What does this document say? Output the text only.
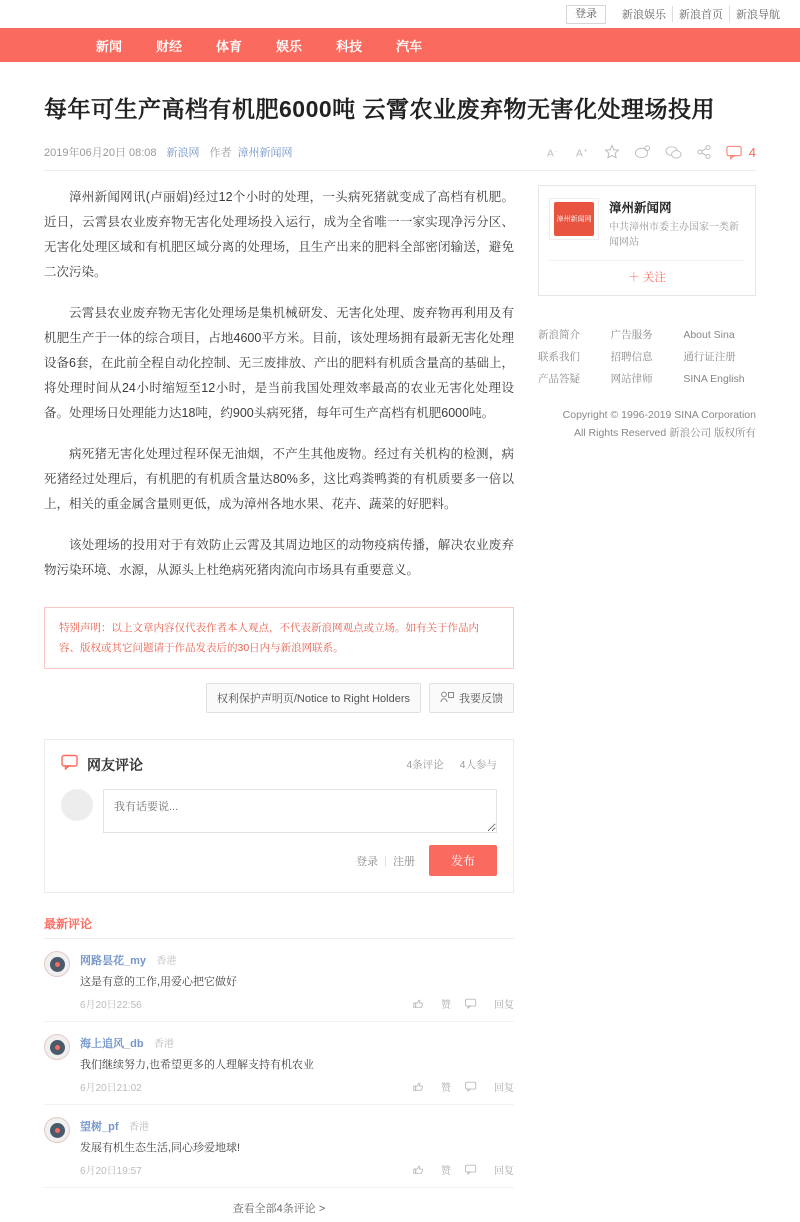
登录	新浪娱乐	新浪首页	新浪导航
新闻	财经	体育	娱乐	科技	汽车
每年可生产高档有机肥6000吨 云霄农业废弃物无害化处理场投用
2019年06月20日 08:08 新浪网 作者 漳州新闻网	A - A +	4

漳州新闻网讯(卢丽娟)经过12个小时的处理，一头病死猪就变成了高档有机肥。近日，云霄县农业废弃物无害化处理场投入运行，成为全省唯一一家实现净污分区、无害化处理区域和有机肥区域分离的处理场，且生产出来的肥料全部密闭输送，避免二次污染。

云霄县农业废弃物无害化处理场是集机械研发、无害化处理、废弃物再利用及有机肥生产于一体的综合项目，占地4600平方米。目前，该处理场拥有最新无害化处理设备6套，在此前全程自动化控制、无三废排放、产出的肥料有机质含量高的基础上，将处理时间从24小时缩短至12小时，是当前我国处理效率最高的农业无害化处理设备。处理场日处理能力达18吨，约900头病死猪，每年可生产高档有机肥6000吨。

病死猪无害化处理过程环保无油烟，不产生其他废物。经过有关机构的检测，病死猪经过处理后，有机肥的有机质含量达80%多，这比鸡粪鸭粪的有机质要多一倍以上，相关的重金属含量则更低，成为漳州各地水果、花卉、蔬菜的好肥料。

该处理场的投用对于有效防止云霄及其周边地区的动物疫病传播，解决农业废弃物污染环境、水源，从源头上杜绝病死猪肉流向市场具有重要意义。

漳州新闻网
漳州新闻网
中共漳州市委主办国家一类新闻网站
＋ 关注
新浪简介	广告服务	About Sina
联系我们	招聘信息	通行证注册
产品答疑	网站律师	SINA English
Copyright © 1996-2019 SINA Corporation
All Rights Reserved 新浪公司 版权所有
特别声明：以上文章内容仅代表作者本人观点，不代表新浪网观点或立场。如有关于作品内容、版权或其它问题请于作品发表后的30日内与新浪网联系。
权利保护声明页/Notice to Right Holders	我要反馈
网友评论	4条评论 4人参与
我有话要说...
登录 | 注册	发布
最新评论
网路昙花_my 香港
这是有意的工作,用爱心把它做好
6月20日22:56	赞	回复
海上追风_db 香港
我们继续努力,也希望更多的人理解支持有机农业
6月20日21:02	赞	回复
望树_pf 香港
发展有机生态生活,同心珍爱地球!
6月20日19:57	赞	回复
查看全部4条评论 >
